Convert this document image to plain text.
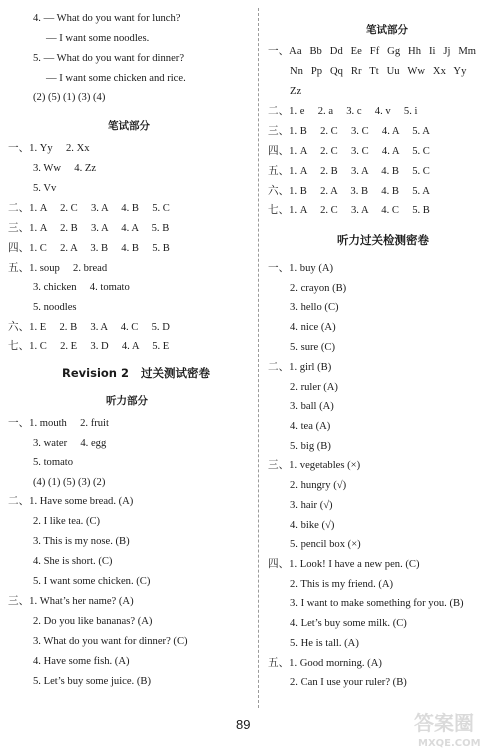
4. — What do you want for lunch?
— I want some noodles.
5. — What do you want for dinner?
— I want some chicken and rice.
(2) (5) (1) (3) (4)
笔试部分
一、1. Yy     2. Xx
3. Ww     4. Zz
5. Vv
二、1. A     2. C     3. A     4. B     5. C
三、1. A     2. B     3. A     4. A     5. B
四、1. C     2. A     3. B     4. B     5. B
五、1. soup     2. bread
3. chicken     4. tomato
5. noodles
六、1. E     2. B     3. A     4. C     5. D
七、1. C     2. E     3. D     4. A     5. E
Revision 2   过关测试密卷
听力部分
一、1. mouth     2. fruit
3. water     4. egg
5. tomato
(4) (1) (5) (3) (2)
二、1. Have some bread. (A)
2. I like tea. (C)
3. This is my nose. (B)
4. She is short. (C)
5. I want some chicken. (C)
三、1. What’s her name? (A)
2. Do you like bananas? (A)
3. What do you want for dinner? (C)
4. Have some fish. (A)
5. Let’s buy some juice. (B)
笔试部分
一、Aa   Bb   Dd   Ee   Ff   Gg   Hh   Ii   Jj   Mm
Nn   Pp   Qq   Rr   Tt   Uu   Ww   Xx   Yy
Zz
二、1. e     2. a     3. c     4. v     5. i
三、1. B     2. C     3. C     4. A     5. A
四、1. A     2. C     3. C     4. A     5. C
五、1. A     2. B     3. A     4. B     5. C
六、1. B     2. A     3. B     4. B     5. A
七、1. A     2. C     3. A     4. C     5. B
听力过关检测密卷
一、1. buy (A)
2. crayon (B)
3. hello (C)
4. nice (A)
5. sure (C)
二、1. girl (B)
2. ruler (A)
3. ball (A)
4. tea (A)
5. big (B)
三、1. vegetables (×)
2. hungry (√)
3. hair (√)
4. bike (√)
5. pencil box (×)
四、1. Look! I have a new pen. (C)
2. This is my friend. (A)
3. I want to make something for you. (B)
4. Let’s buy some milk. (C)
5. He is tall. (A)
五、1. Good morning. (A)
2. Can I use your ruler? (B)
89	答案圈
MXQE.COM
